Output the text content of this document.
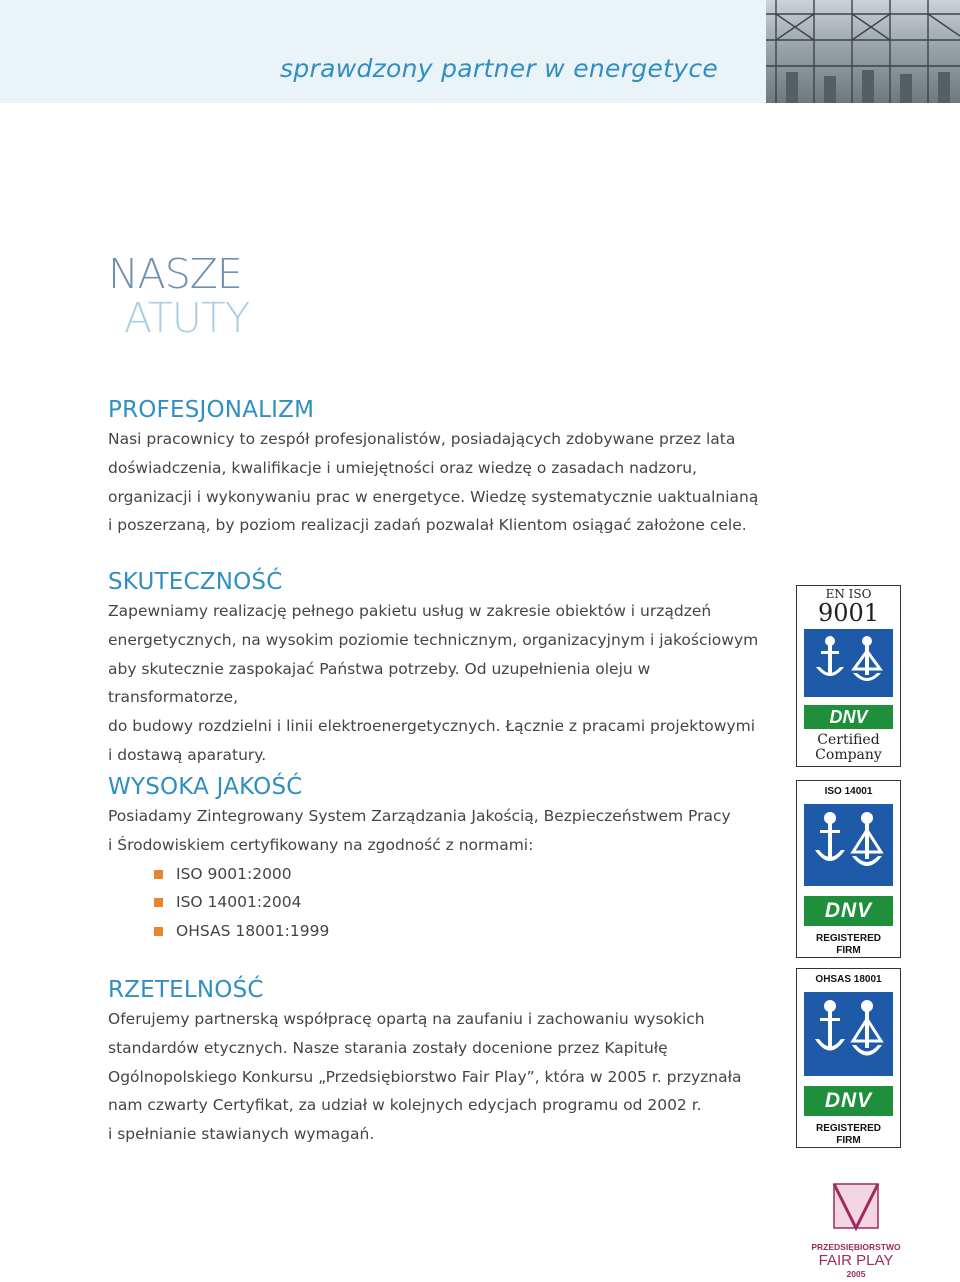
sprawdzony partner w energetyce
NASZE
ATUTY
PROFESJONALIZM

Nasi pracownicy to zespół profesjonalistów, posiadających zdobywane przez lata

doświadczenia, kwalifikacje i umiejętności oraz wiedzę o zasadach nadzoru,

organizacji i wykonywaniu prac w energetyce. Wiedzę systematycznie uaktualnianą

i poszerzaną, by poziom realizacji zadań pozwalał Klientom osiągać założone cele.

SKUTECZNOŚĆ

Zapewniamy realizację pełnego pakietu usług w zakresie obiektów i urządzeń

energetycznych, na wysokim poziomie technicznym, organizacyjnym i jakościowym

aby skutecznie zaspokajać Państwa potrzeby. Od uzupełnienia oleju w transformatorze,

do budowy rozdzielni i linii elektroenergetycznych. Łącznie z pracami projektowymi

i dostawą aparatury.

WYSOKA JAKOŚĆ

Posiadamy Zintegrowany System Zarządzania Jakością, Bezpieczeństwem Pracy

i Środowiskiem certyfikowany na zgodność z normami:

ISO 9001:2000
ISO 14001:2004
OHSAS 18001:1999
RZETELNOŚĆ

Oferujemy partnerską współpracę opartą na zaufaniu i zachowaniu wysokich

standardów etycznych. Nasze starania zostały docenione przez Kapitułę

Ogólnopolskiego Konkursu „Przedsiębiorstwo Fair Play”, która w 2005 r. przyznała

nam czwarty Certyfikat, za udział w kolejnych edycjach programu od 2002 r.

i spełnianie stawianych wymagań.

EN ISO
9001
DNV
Certified
Company
ISO 14001
DNV
REGISTERED
FIRM
OHSAS 18001
DNV
REGISTERED
FIRM
PRZEDSIĘBIORSTWO
FAIR PLAY
2005
